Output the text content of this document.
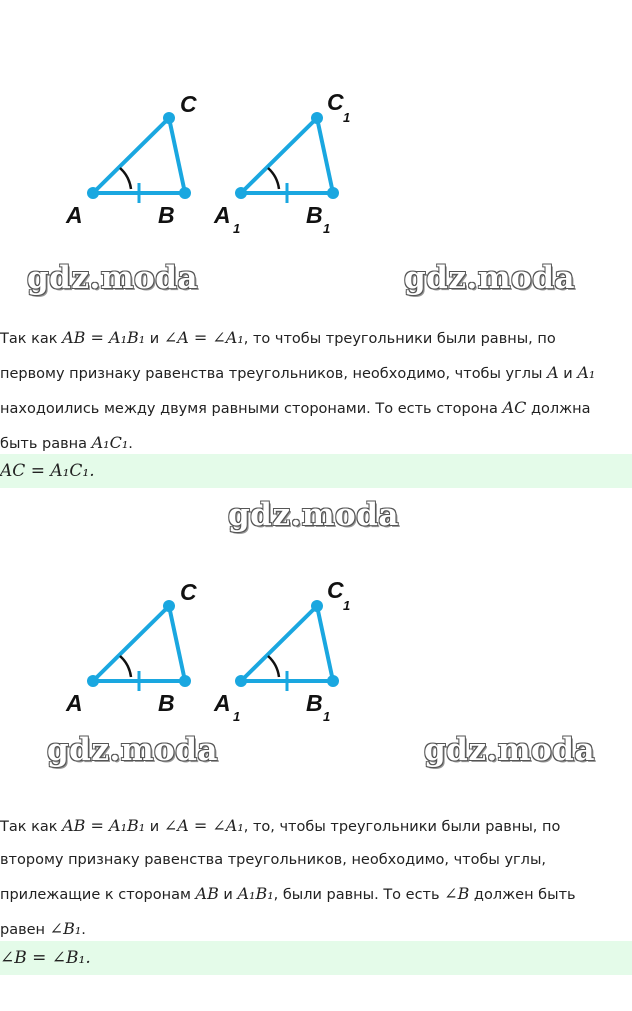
A	B
C
A
1
B
1
C
1
gdz.moda	gdz.moda
Так как AB = A₁B₁ и ∠A = ∠A₁, то чтобы треугольники были равны, по
первому признаку равенства треугольников, необходимо, чтобы углы A и A₁
находоились между двумя равными сторонами. То есть сторона AC должна
быть равна A₁C₁.
AC = A₁C₁.
gdz.moda
A	B
C
A
1
B
1
C
1
gdz.moda	gdz.moda
Так как AB = A₁B₁ и ∠A = ∠A₁, то, чтобы треугольники были равны, по
второму признаку равенства треугольников, необходимо, чтобы углы,
прилежащие к сторонам AB и A₁B₁, были равны. То есть ∠B должен быть
равен ∠B₁.
∠B = ∠B₁.
